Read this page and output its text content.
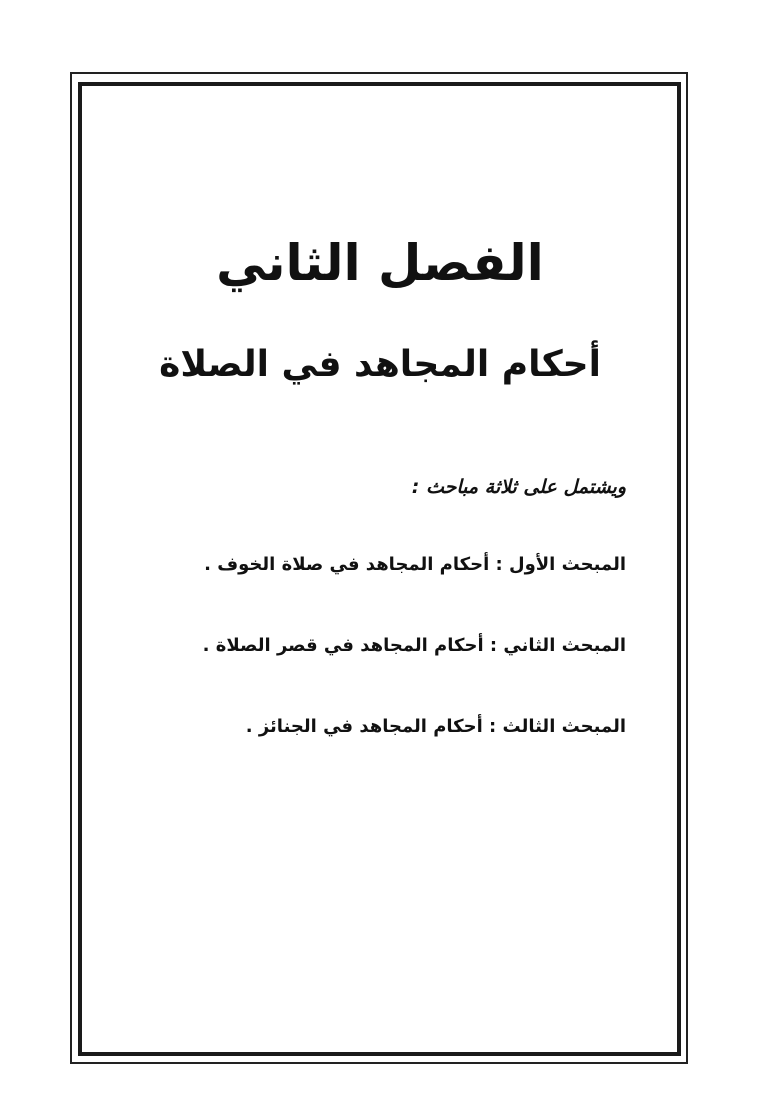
الفصل الثاني
أحكام المجاهد في الصلاة
ويشتمل على ثلاثة مباحث :
المبحث الأول : أحكام المجاهد في صلاة الخوف .
المبحث الثاني : أحكام المجاهد في قصر الصلاة .
المبحث الثالث : أحكام المجاهد في الجنائز .
